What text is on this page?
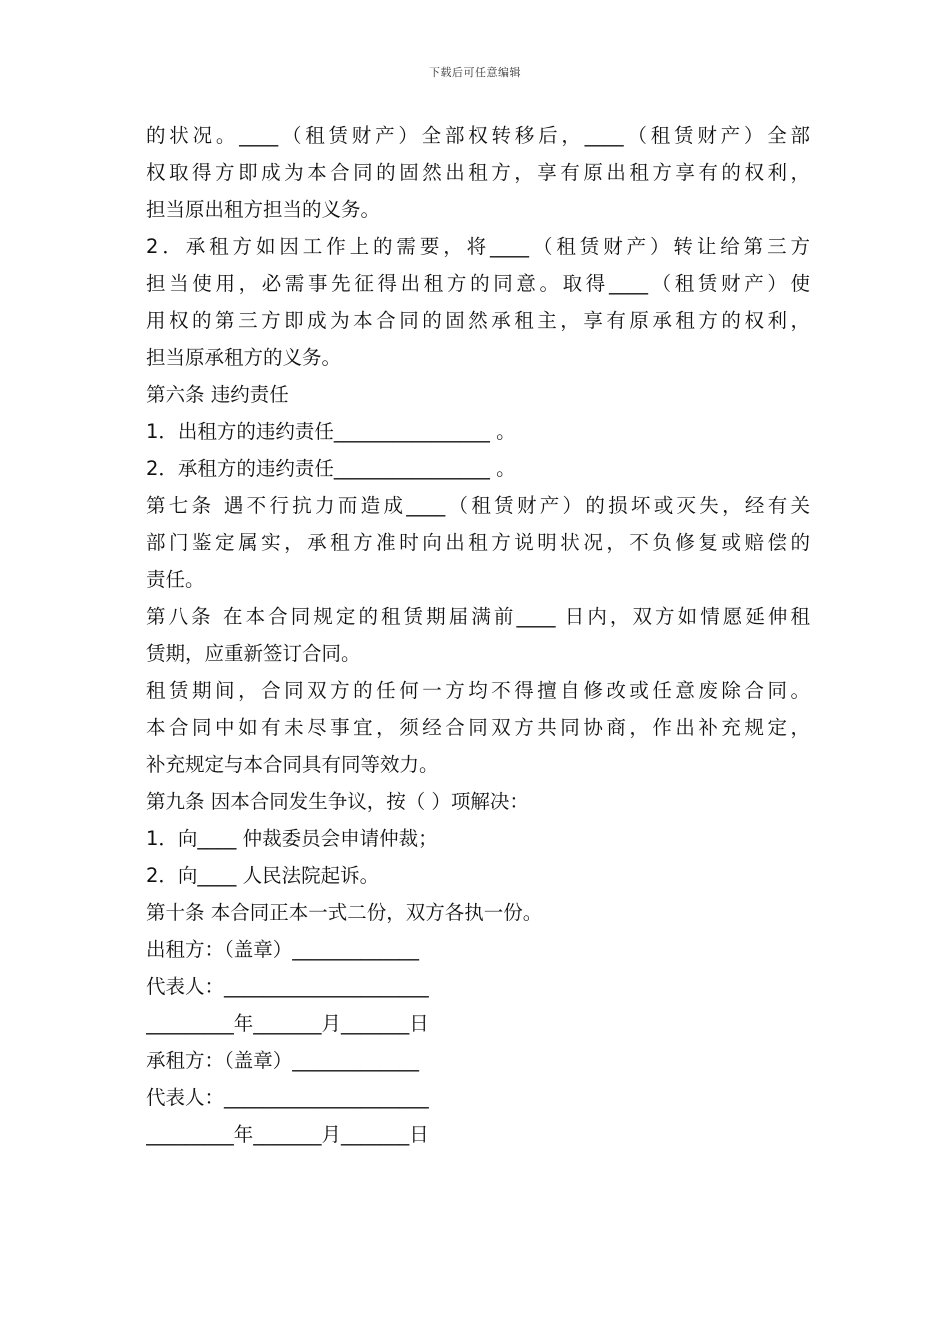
下载后可任意编辑
的状况。____（租赁财产）全部权转移后，____（租赁财产）全部
权取得方即成为本合同的固然出租方，享有原出租方享有的权利，
担当原出租方担当的义务。
2．承租方如因工作上的需要，将____（租赁财产）转让给第三方
担当使用，必需事先征得出租方的同意。取得____（租赁财产）使
用权的第三方即成为本合同的固然承租主，享有原承租方的权利，
担当原承租方的义务。
第六条 违约责任
1．出租方的违约责任________________ 。
2．承租方的违约责任________________ 。
第七条 遇不行抗力而造成____（租赁财产）的损坏或灭失，经有关
部门鉴定属实，承租方准时向出租方说明状况，不负修复或赔偿的
责任。
第八条 在本合同规定的租赁期届满前____ 日内，双方如情愿延伸租
赁期，应重新签订合同。
租赁期间，合同双方的任何一方均不得擅自修改或任意废除合同。
本合同中如有未尽事宜，须经合同双方共同协商，作出补充规定，
补充规定与本合同具有同等效力。
第九条 因本合同发生争议，按（ ）项解决：
1．向____ 仲裁委员会申请仲裁；
2．向____ 人民法院起诉。
第十条 本合同正本一式二份，双方各执一份。
出租方：（盖章）_____________
代表人：_____________________
_________年_______月_______日
承租方：（盖章）_____________
代表人：_____________________
_________年_______月_______日
